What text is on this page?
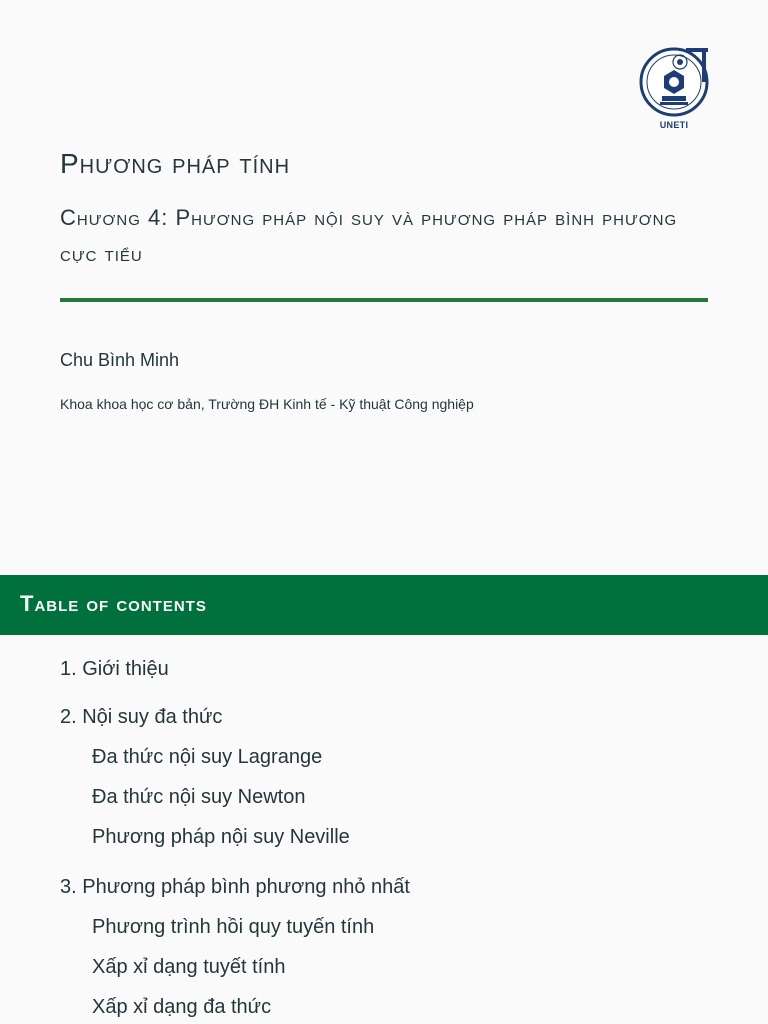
UNETI
Phương pháp tính
Chương 4: Phương pháp nội suy và phương pháp bình phương cực tiểu
Chu Bình Minh
Khoa khoa học cơ bản, Trường ĐH Kinh tế - Kỹ thuật Công nghiệp
Table of contents
1. Giới thiệu
2. Nội suy đa thức
Đa thức nội suy Lagrange
Đa thức nội suy Newton
Phương pháp nội suy Neville
3. Phương pháp bình phương nhỏ nhất
Phương trình hồi quy tuyến tính
Xấp xỉ dạng tuyết tính
Xấp xỉ dạng đa thức
